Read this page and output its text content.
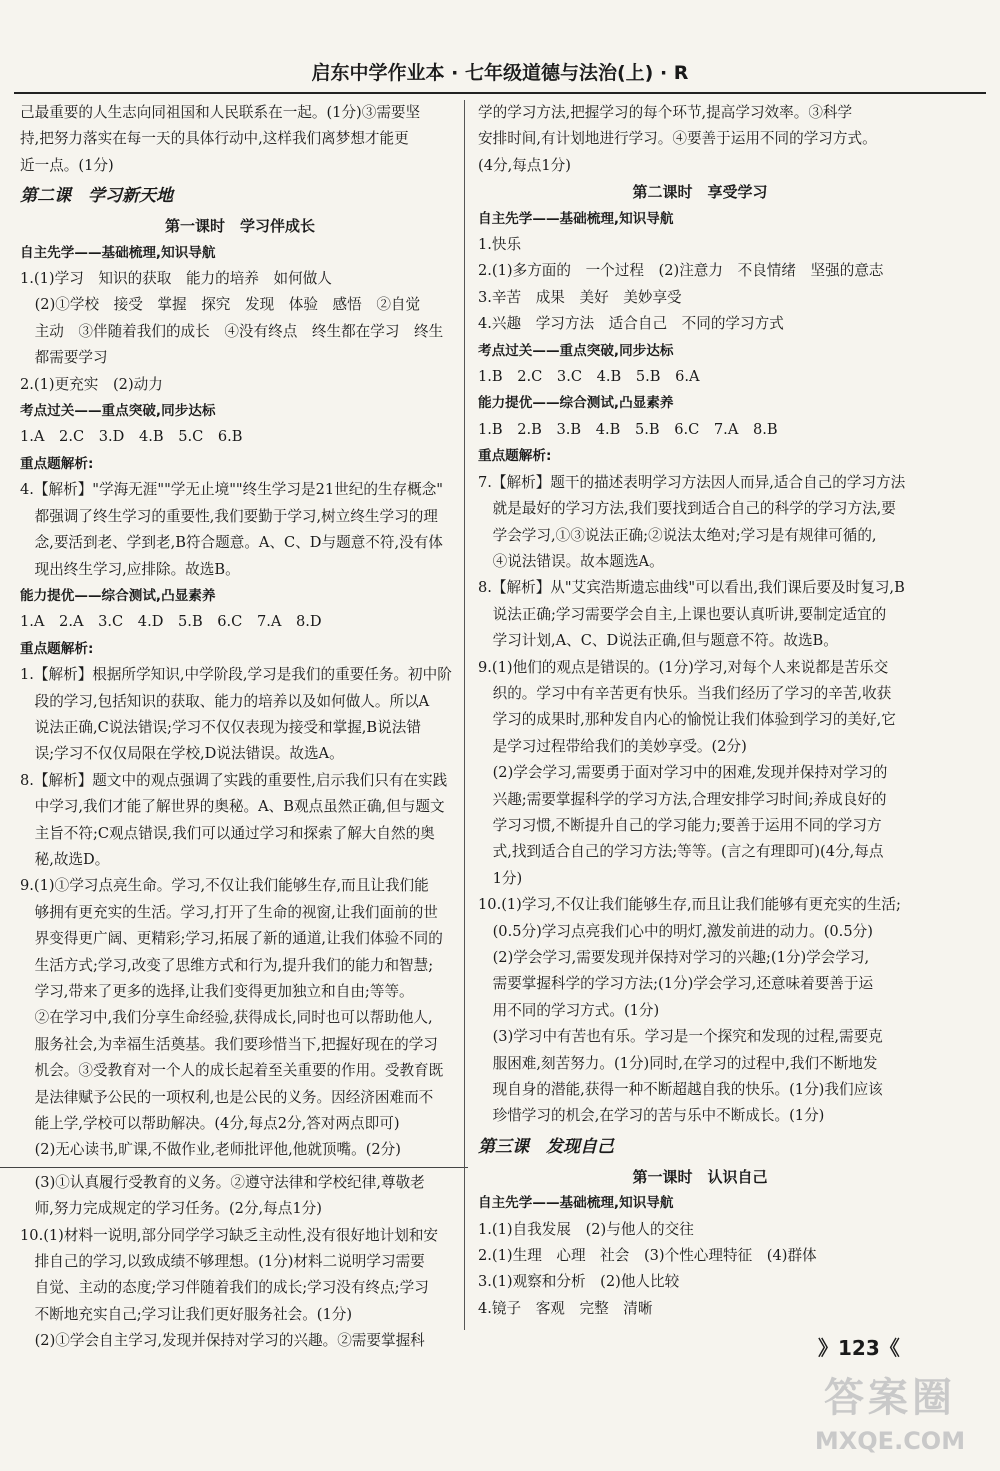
启东中学作业本 · 七年级道德与法治(上) · R
己最重要的人生志向同祖国和人民联系在一起。(1分)③需要坚
持,把努力落实在每一天的具体行动中,这样我们离梦想才能更
近一点。(1分)
第二课　学习新天地
第一课时　学习伴成长
自主先学——基础梳理,知识导航
1.(1)学习　知识的获取　能力的培养　如何做人
　(2)①学校　接受　掌握　探究　发现　体验　感悟　②自觉
　主动　③伴随着我们的成长　④没有终点　终生都在学习　终生
　都需要学习
2.(1)更充实　(2)动力
考点过关——重点突破,同步达标
1.A　2.C　3.D　4.B　5.C　6.B
重点题解析:
4.【解析】"学海无涯""学无止境""终生学习是21世纪的生存概念"
　都强调了终生学习的重要性,我们要勤于学习,树立终生学习的理
　念,要活到老、学到老,B符合题意。A、C、D与题意不符,没有体
　现出终生学习,应排除。故选B。
能力提优——综合测试,凸显素养
1.A　2.A　3.C　4.D　5.B　6.C　7.A　8.D
重点题解析:
1.【解析】根据所学知识,中学阶段,学习是我们的重要任务。初中阶
　段的学习,包括知识的获取、能力的培养以及如何做人。所以A
　说法正确,C说法错误;学习不仅仅表现为接受和掌握,B说法错
　误;学习不仅仅局限在学校,D说法错误。故选A。
8.【解析】题文中的观点强调了实践的重要性,启示我们只有在实践
　中学习,我们才能了解世界的奥秘。A、B观点虽然正确,但与题文
　主旨不符;C观点错误,我们可以通过学习和探索了解大自然的奥
　秘,故选D。
9.(1)①学习点亮生命。学习,不仅让我们能够生存,而且让我们能
　够拥有更充实的生活。学习,打开了生命的视窗,让我们面前的世
　界变得更广阔、更精彩;学习,拓展了新的通道,让我们体验不同的
　生活方式;学习,改变了思维方式和行为,提升我们的能力和智慧;
　学习,带来了更多的选择,让我们变得更加独立和自由;等等。
　②在学习中,我们分享生命经验,获得成长,同时也可以帮助他人,
　服务社会,为幸福生活奠基。我们要珍惜当下,把握好现在的学习
　机会。③受教育对一个人的成长起着至关重要的作用。受教育既
　是法律赋予公民的一项权利,也是公民的义务。因经济困难而不
　能上学,学校可以帮助解决。(4分,每点2分,答对两点即可)
　(2)无心读书,旷课,不做作业,老师批评他,他就顶嘴。(2分)
　(3)①认真履行受教育的义务。②遵守法律和学校纪律,尊敬老
　师,努力完成规定的学习任务。(2分,每点1分)
10.(1)材料一说明,部分同学学习缺乏主动性,没有很好地计划和安
　排自己的学习,以致成绩不够理想。(1分)材料二说明学习需要
　自觉、主动的态度;学习伴随着我们的成长;学习没有终点;学习
　不断地充实自己;学习让我们更好服务社会。(1分)
　(2)①学会自主学习,发现并保持对学习的兴趣。②需要掌握科
学的学习方法,把握学习的每个环节,提高学习效率。③科学
安排时间,有计划地进行学习。④要善于运用不同的学习方式。
(4分,每点1分)
第二课时　享受学习
自主先学——基础梳理,知识导航
1.快乐
2.(1)多方面的　一个过程　(2)注意力　不良情绪　坚强的意志
3.辛苦　成果　美好　美妙享受
4.兴趣　学习方法　适合自己　不同的学习方式
考点过关——重点突破,同步达标
1.B　2.C　3.C　4.B　5.B　6.A
能力提优——综合测试,凸显素养
1.B　2.B　3.B　4.B　5.B　6.C　7.A　8.B
重点题解析:
7.【解析】题干的描述表明学习方法因人而异,适合自己的学习方法
　就是最好的学习方法,我们要找到适合自己的科学的学习方法,要
　学会学习,①③说法正确;②说法太绝对;学习是有规律可循的,
　④说法错误。故本题选A。
8.【解析】从"艾宾浩斯遗忘曲线"可以看出,我们课后要及时复习,B
　说法正确;学习需要学会自主,上课也要认真听讲,要制定适宜的
　学习计划,A、C、D说法正确,但与题意不符。故选B。
9.(1)他们的观点是错误的。(1分)学习,对每个人来说都是苦乐交
　织的。学习中有辛苦更有快乐。当我们经历了学习的辛苦,收获
　学习的成果时,那种发自内心的愉悦让我们体验到学习的美好,它
　是学习过程带给我们的美妙享受。(2分)
　(2)学会学习,需要勇于面对学习中的困难,发现并保持对学习的
　兴趣;需要掌握科学的学习方法,合理安排学习时间;养成良好的
　学习习惯,不断提升自己的学习能力;要善于运用不同的学习方
　式,找到适合自己的学习方法;等等。(言之有理即可)(4分,每点
　1分)
10.(1)学习,不仅让我们能够生存,而且让我们能够有更充实的生活;
　(0.5分)学习点亮我们心中的明灯,激发前进的动力。(0.5分)
　(2)学会学习,需要发现并保持对学习的兴趣;(1分)学会学习,
　需要掌握科学的学习方法;(1分)学会学习,还意味着要善于运
　用不同的学习方式。(1分)
　(3)学习中有苦也有乐。学习是一个探究和发现的过程,需要克
　服困难,刻苦努力。(1分)同时,在学习的过程中,我们不断地发
　现自身的潜能,获得一种不断超越自我的快乐。(1分)我们应该
　珍惜学习的机会,在学习的苦与乐中不断成长。(1分)
第三课　发现自己
第一课时　认识自己
自主先学——基础梳理,知识导航
1.(1)自我发展　(2)与他人的交往
2.(1)生理　心理　社会　(3)个性心理特征　(4)群体
3.(1)观察和分析　(2)他人比较
4.镜子　客观　完整　清晰
》123《
答案圈
MXQE.COM
